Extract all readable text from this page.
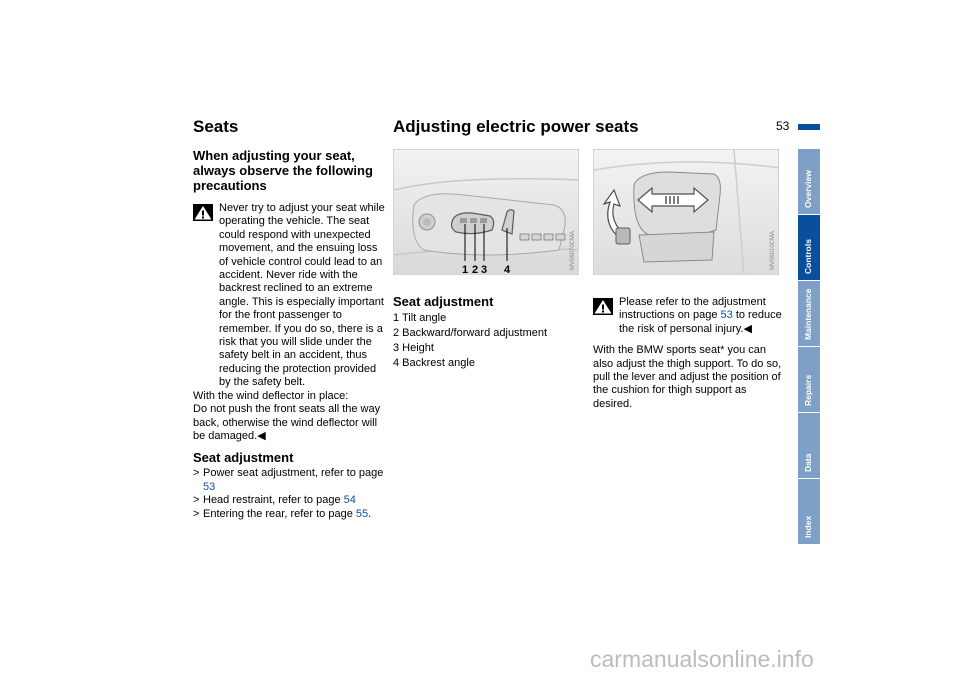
53
Seats	Adjusting electric power seats
When adjusting your seat, always observe the following precautions
Never try to adjust your seat while operating the vehicle. The seat could respond with unexpected movement, and the ensuing loss of vehicle control could lead to an accident. Never ride with the backrest reclined to an extreme angle. This is especially important for the front passenger to remember. If you do so, there is a risk that you will slide under the safety belt in an accident, thus reducing the protection provided by the safety belt.
With the wind deflector in place:
Do not push the front seats all the way back, otherwise the wind deflector will be damaged.◀
Seat adjustment
> Power seat adjustment, refer to page 53
> Head restraint, refer to page 54
> Entering the rear, refer to page 55.
1 2 3 4	MV06070CMA	MV06010CMA
Seat adjustment
1 Tilt angle
2 Backward/forward adjustment
3 Height
4 Backrest angle
Please refer to the adjustment instructions on page 53 to reduce the risk of personal injury.◀

With the BMW sports seat* you can also adjust the thigh support. To do so, pull the lever and adjust the position of the cushion for thigh support as desired.

Overview
Controls
Maintenance
Repairs
Data
Index
carmanualsonline.info
